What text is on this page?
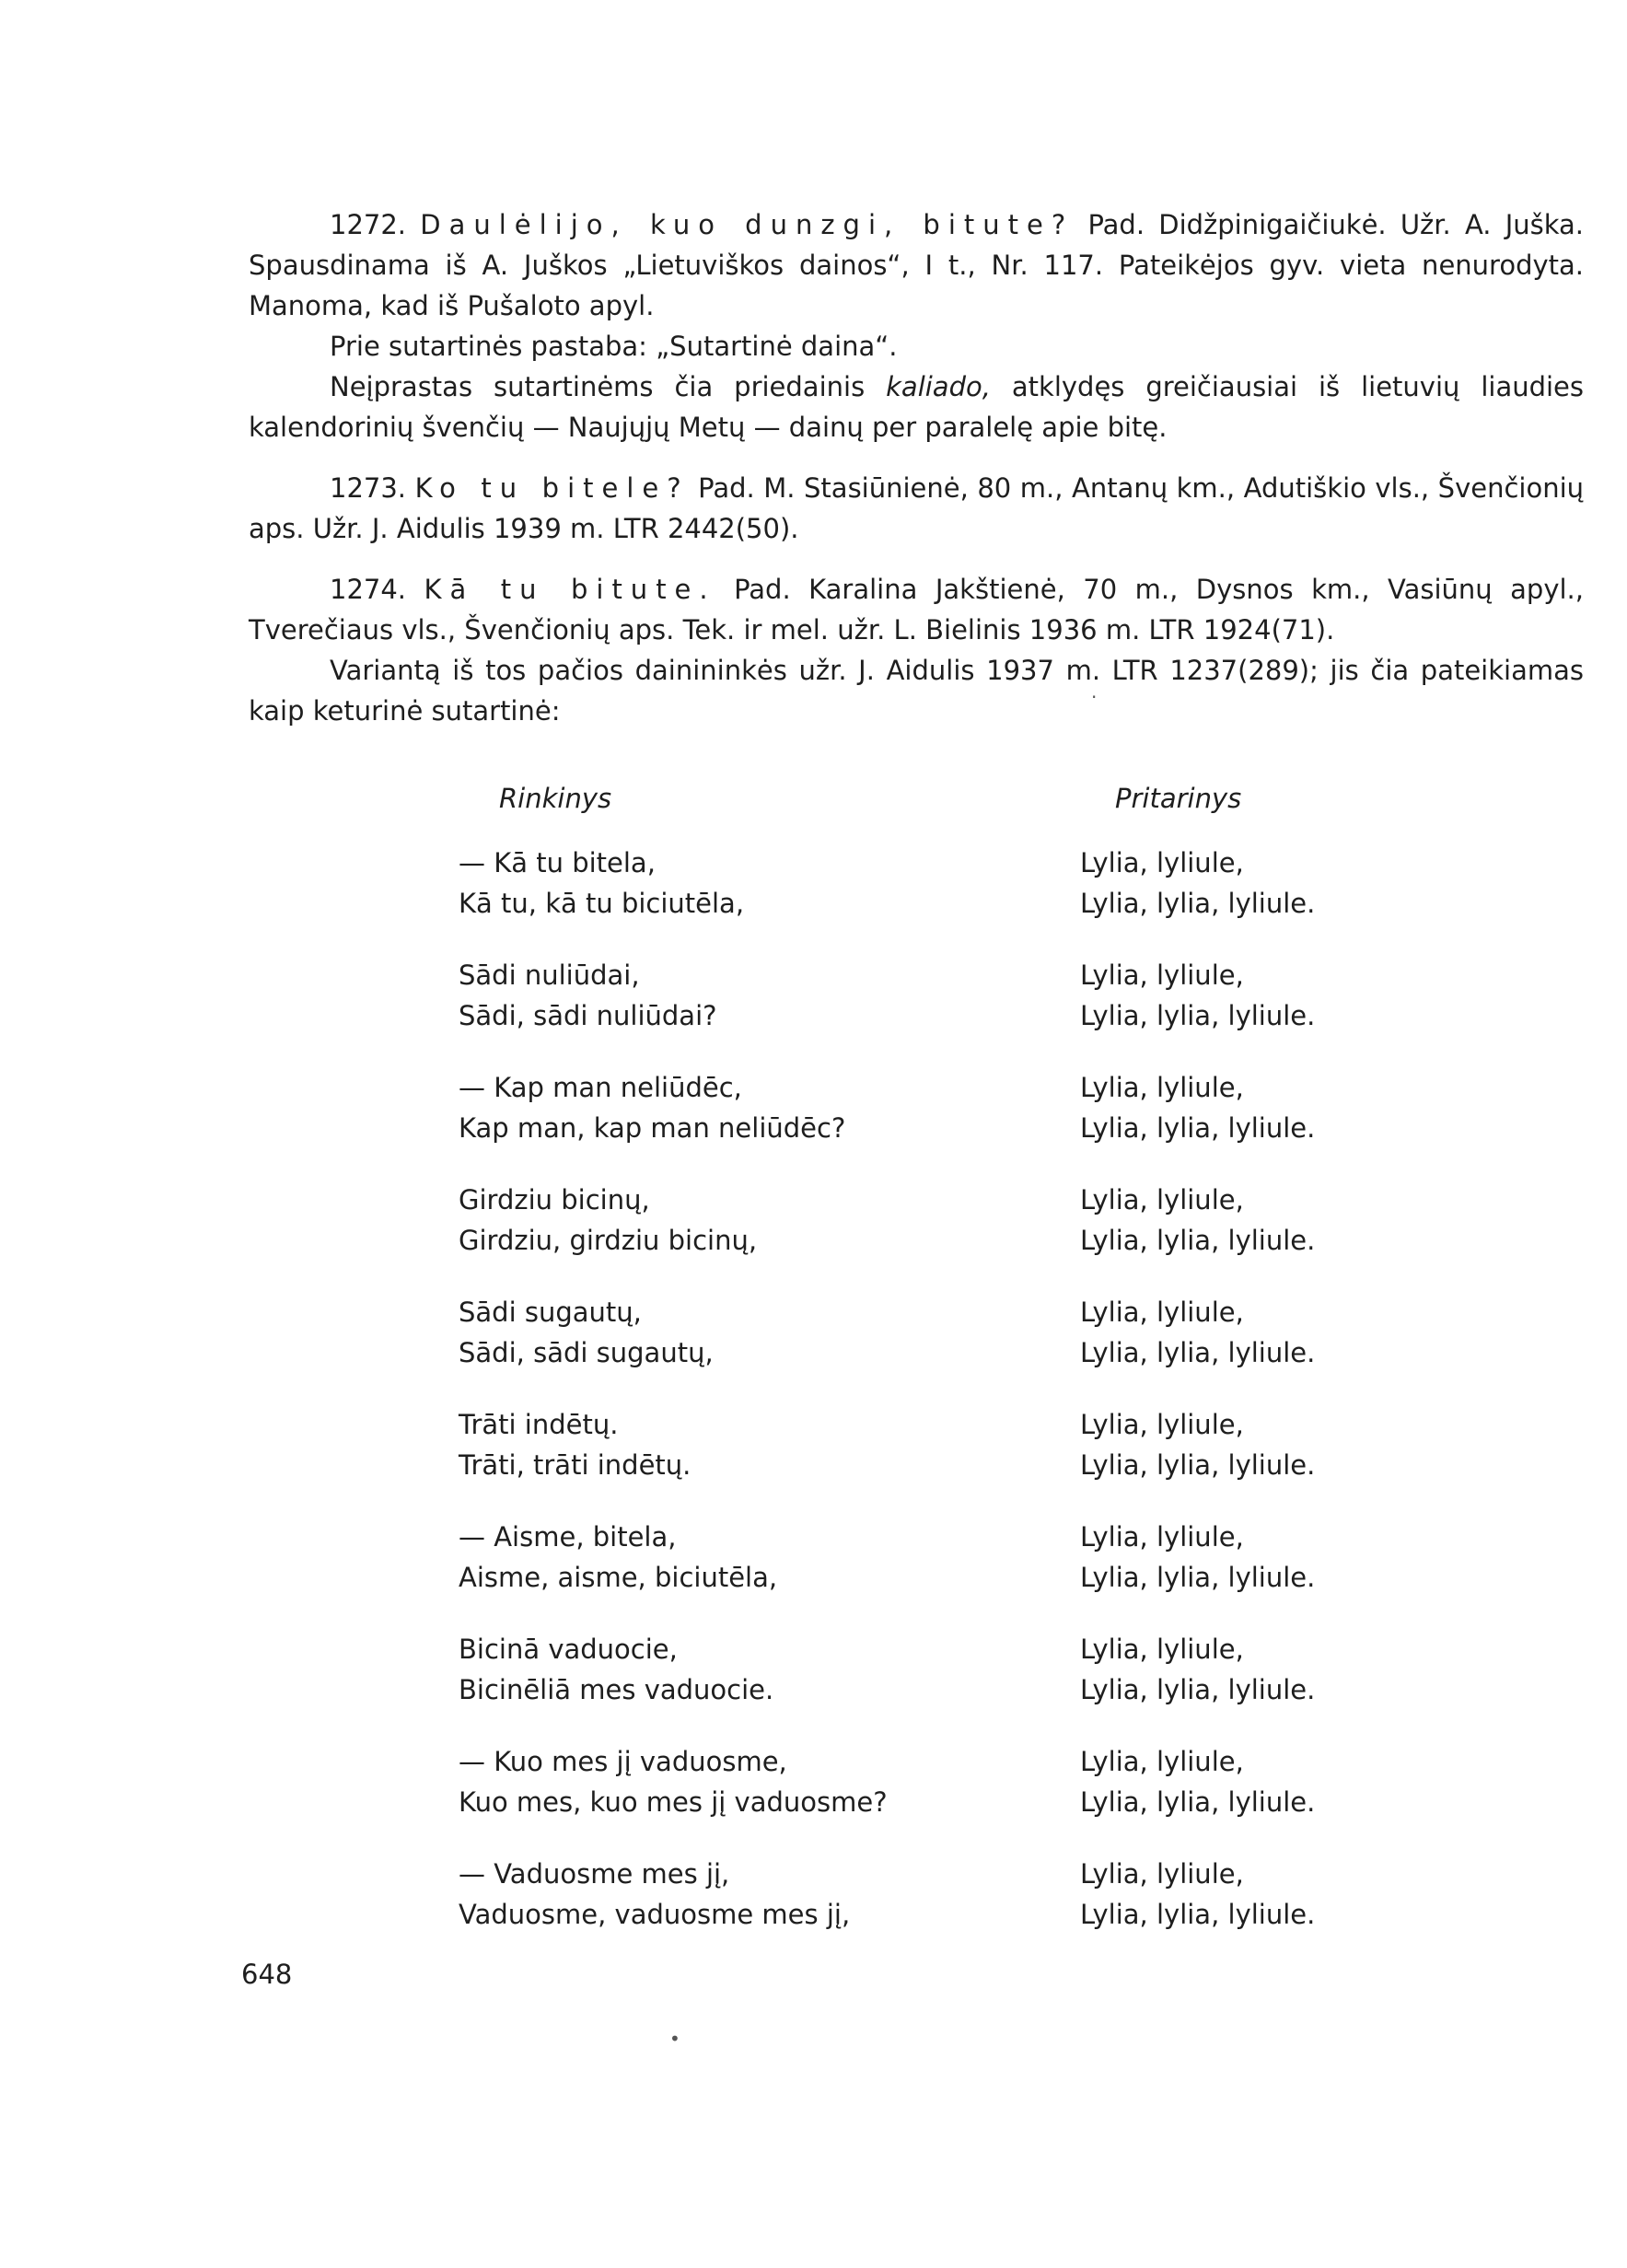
1272. Daulėlijo, kuo dunzgi, bitute? Pad. Didžpinigaičiukė. Užr. A. Juška. Spausdinama iš A. Juškos „Lietuviškos dainos“, I t., Nr. 117. Pateikėjos gyv. vieta nenurodyta. Manoma, kad iš Pušaloto apyl.

Prie sutartinės pastaba: „Sutartinė daina“.

Neįprastas sutartinėms čia priedainis kaliado, atklydęs greičiausiai iš lietuvių liaudies kalendorinių švenčių — Naujųjų Metų — dainų per paralelę apie bitę.

1273. Ko tu bitele? Pad. M. Stasiūnienė, 80 m., Antanų km., Adutiškio vls., Švenčionių aps. Užr. J. Aidulis 1939 m. LTR 2442(50).

1274. Kā tu bitute. Pad. Karalina Jakštienė, 70 m., Dysnos km., Vasiūnų apyl., Tverečiaus vls., Švenčionių aps. Tek. ir mel. užr. L. Bielinis 1936 m. LTR 1924(71).

Variantą iš tos pačios dainininkės užr. J. Aidulis 1937 m. LTR 1237(289); jis čia pateikiamas kaip keturinė sutartinė:

Rinkinys	Pritarinys
— Kā tu bitela,
Kā tu, kā tu biciutēla,
Lylia, lyliule,
Lylia, lylia, lyliule.
Sādi nuliūdai,
Sādi, sādi nuliūdai?
Lylia, lyliule,
Lylia, lylia, lyliule.
— Kap man neliūdēc,
Kap man, kap man neliūdēc?
Lylia, lyliule,
Lylia, lylia, lyliule.
Girdziu bicinų,
Girdziu, girdziu bicinų,
Lylia, lyliule,
Lylia, lylia, lyliule.
Sādi sugautų,
Sādi, sādi sugautų,
Lylia, lyliule,
Lylia, lylia, lyliule.
Trāti indētų.
Trāti, trāti indētų.
Lylia, lyliule,
Lylia, lylia, lyliule.
— Aisme, bitela,
Aisme, aisme, biciutēla,
Lylia, lyliule,
Lylia, lylia, lyliule.
Bicinā vaduocie,
Bicinēliā mes vaduocie.
Lylia, lyliule,
Lylia, lylia, lyliule.
— Kuo mes jį vaduosme,
Kuo mes, kuo mes jį vaduosme?
Lylia, lyliule,
Lylia, lylia, lyliule.
— Vaduosme mes jį,
Vaduosme, vaduosme mes jį,
Lylia, lyliule,
Lylia, lylia, lyliule.
648
·
•
